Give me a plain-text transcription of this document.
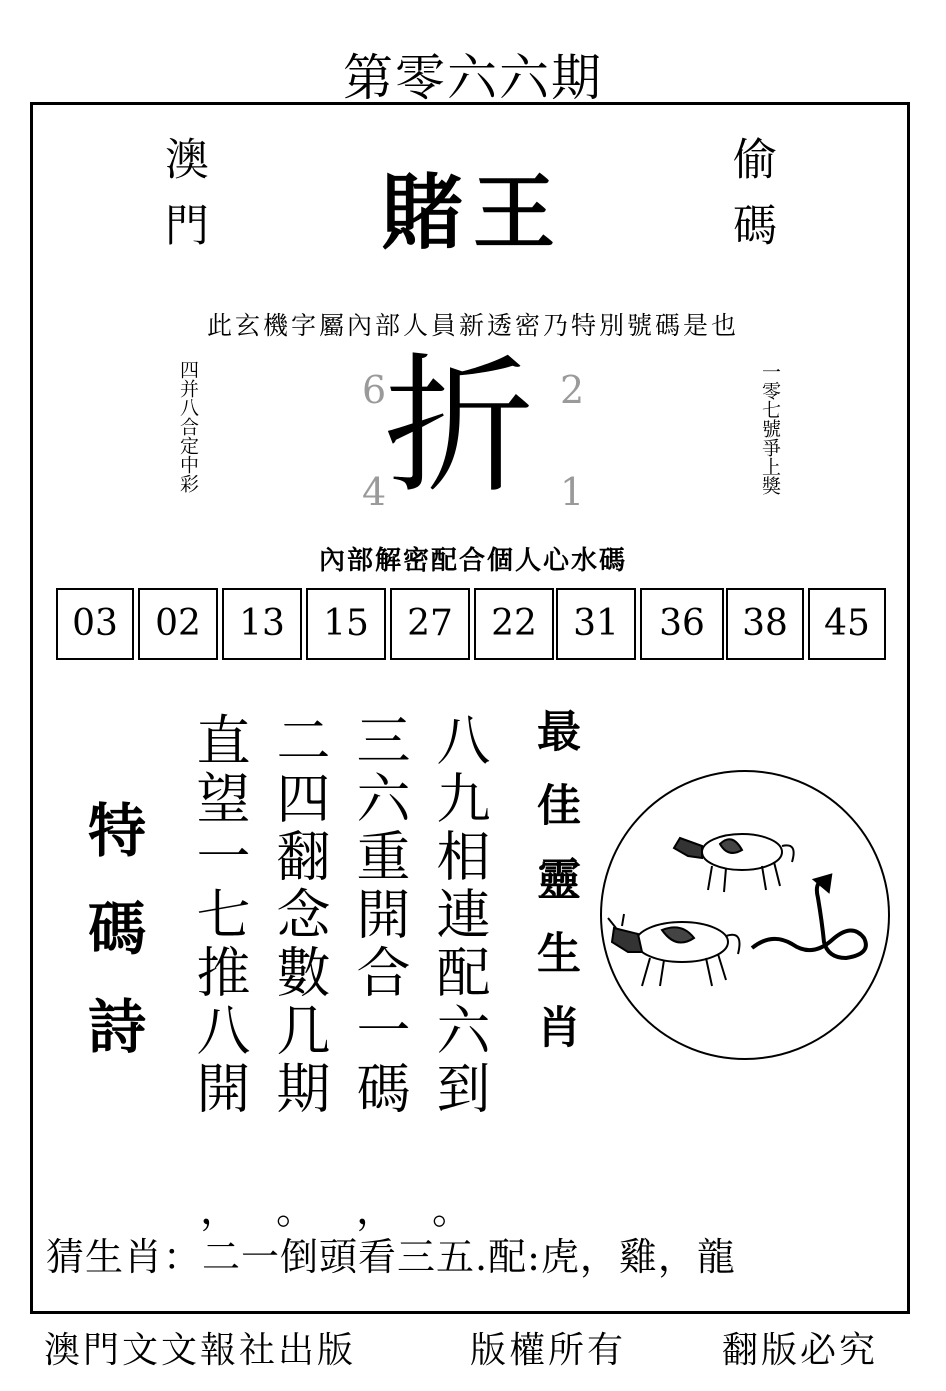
第零六六期
澳門	偷碼
賭王
此玄機字屬內部人員新透密乃特別號碼是也
四并八合定中彩	一零七號爭上獎
折
6	2
4	1
內部解密配合個人心水碼
03	02	13	15	27	22	31	36	38	45
特碼詩	八九相連配六到
三六重開合一碼
二四翻念數几期
直望一七推八開
， 。 ， 。
最佳靈生肖
猜生肖：二一倒頭看三五.配:虎，雞，龍
澳門文文報社出版	版權所有	翻版必究
